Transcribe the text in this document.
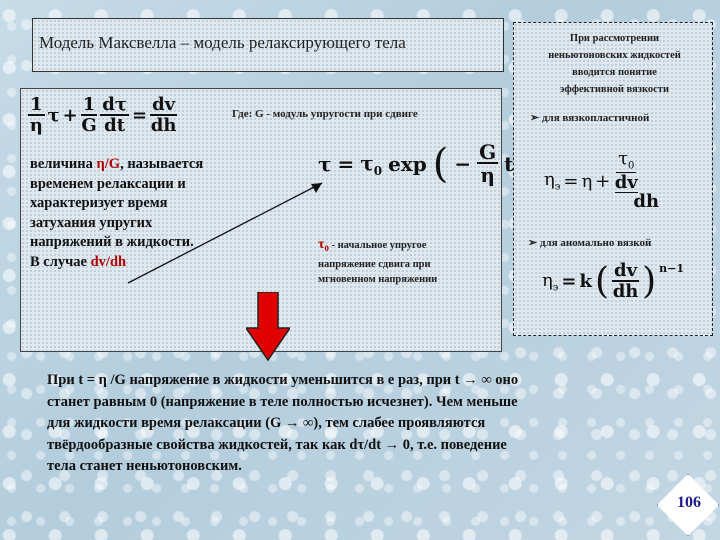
Модель Максвелла – модель релаксирующего тела
$\frac{1}{\eta}$ $\tau + \frac{1}{G} \frac{d\tau}{dt} = \frac{dv}{dh}$	Где: G - модуль упругости при сдвиге
величина η/G, называется
временем релаксации и
характеризует время
затухания упругих
напряжений в жидкости.
В случае dv/dh
$\tau = \tau_0$ exp ( − $\frac{G}{\eta}$ t
$\tau_0$ - начальное упругое
напряжение сдвига при
мгновенном напряжении
При рассмотрении
неньютоновских жидкостей
вводится понятие
эффективной вязкости
➢ для вязкопластичной
$\eta_э = \eta + \tau_0$
dv
dh
➢ для аномально вязкой
$\eta_э = k$ ( $\frac{dv}{dh}$ ) $^{n-1}$
При t = η /G напряжение в жидкости уменьшится в е раз, при t → ∞ оно
станет равным 0 (напряжение в теле полностью исчезнет). Чем меньше
для жидкости время релаксации (G → ∞), тем слабее проявляются
твёрдообразные свойства жидкостей, так как dτ/dt → 0, т.е. поведение
тела станет неньютоновским.
106
